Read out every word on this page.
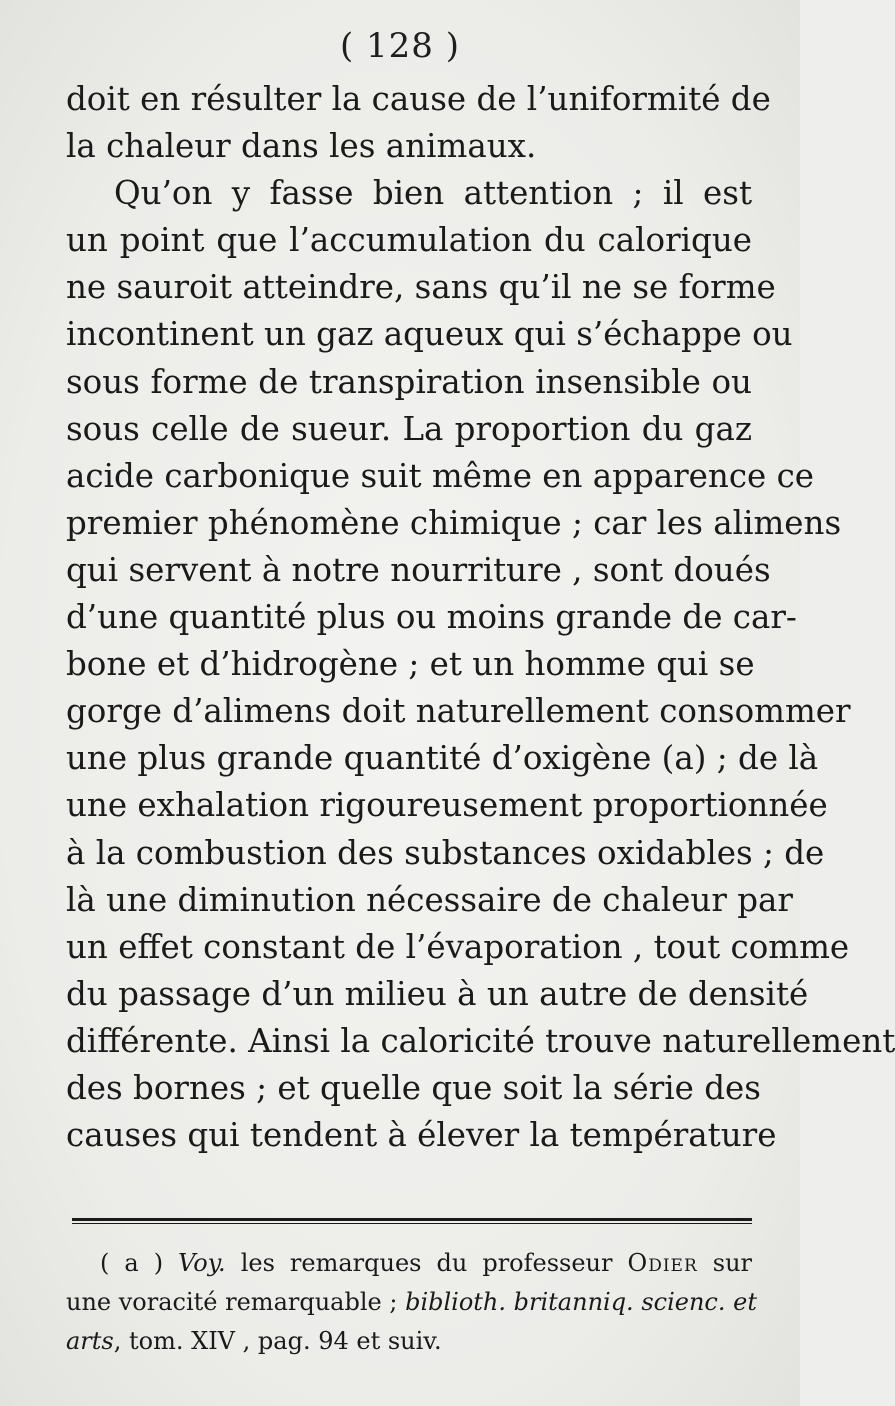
( 128 )
doit en résulter la cause de l’uniformité de
la chaleur dans les animaux.
Qu’on y fasse bien attention ; il est
un point que l’accumulation du calorique
ne sauroit atteindre, sans qu’il ne se forme
incontinent un gaz aqueux qui s’échappe ou
sous forme de transpiration insensible ou
sous celle de sueur. La proportion du gaz
acide carbonique suit même en apparence ce
premier phénomène chimique ; car les alimens
qui servent à notre nourriture , sont doués
d’une quantité plus ou moins grande de car-
bone et d’hidrogène ; et un homme qui se
gorge d’alimens doit naturellement consommer
une plus grande quantité d’oxigène (a) ; de là
une exhalation rigoureusement proportionnée
à la combustion des substances oxidables ; de
là une diminution nécessaire de chaleur par
un effet constant de l’évaporation , tout comme
du passage d’un milieu à un autre de densité
différente. Ainsi la caloricité trouve naturellement
des bornes ; et quelle que soit la série des
causes qui tendent à élever la température
( a ) Voy. les remarques du professeur Odier sur
une voracité remarquable ; biblioth. britanniq. scienc. et
arts, tom. XIV , pag. 94 et suiv.
